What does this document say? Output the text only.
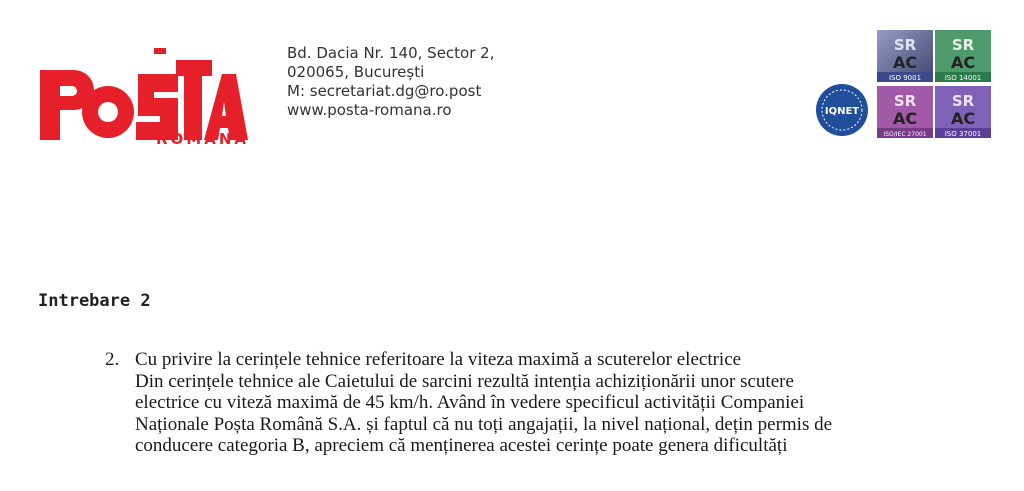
ROMÂNĂ
Bd. Dacia Nr. 140, Sector 2,
020065, București
M: secretariat.dg@ro.post
www.posta-romana.ro	IQNET
SR
AC
ISO 9001
SR
AC
ISO 14001
SR
AC
ISO/IEC 27001
SR
AC
ISO 37001
Intrebare 2
2. Cu privire la cerințele tehnice referitoare la viteza maximă a scuterelor electrice
Din cerințele tehnice ale Caietului de sarcini rezultă intenția achiziționării unor scutere
electrice cu viteză maximă de 45 km/h. Având în vedere specificul activității Companiei
Naționale Poșta Română S.A. și faptul că nu toți angajații, la nivel național, dețin permis de
conducere categoria B, apreciem că menținerea acestei cerințe poate genera dificultăți
